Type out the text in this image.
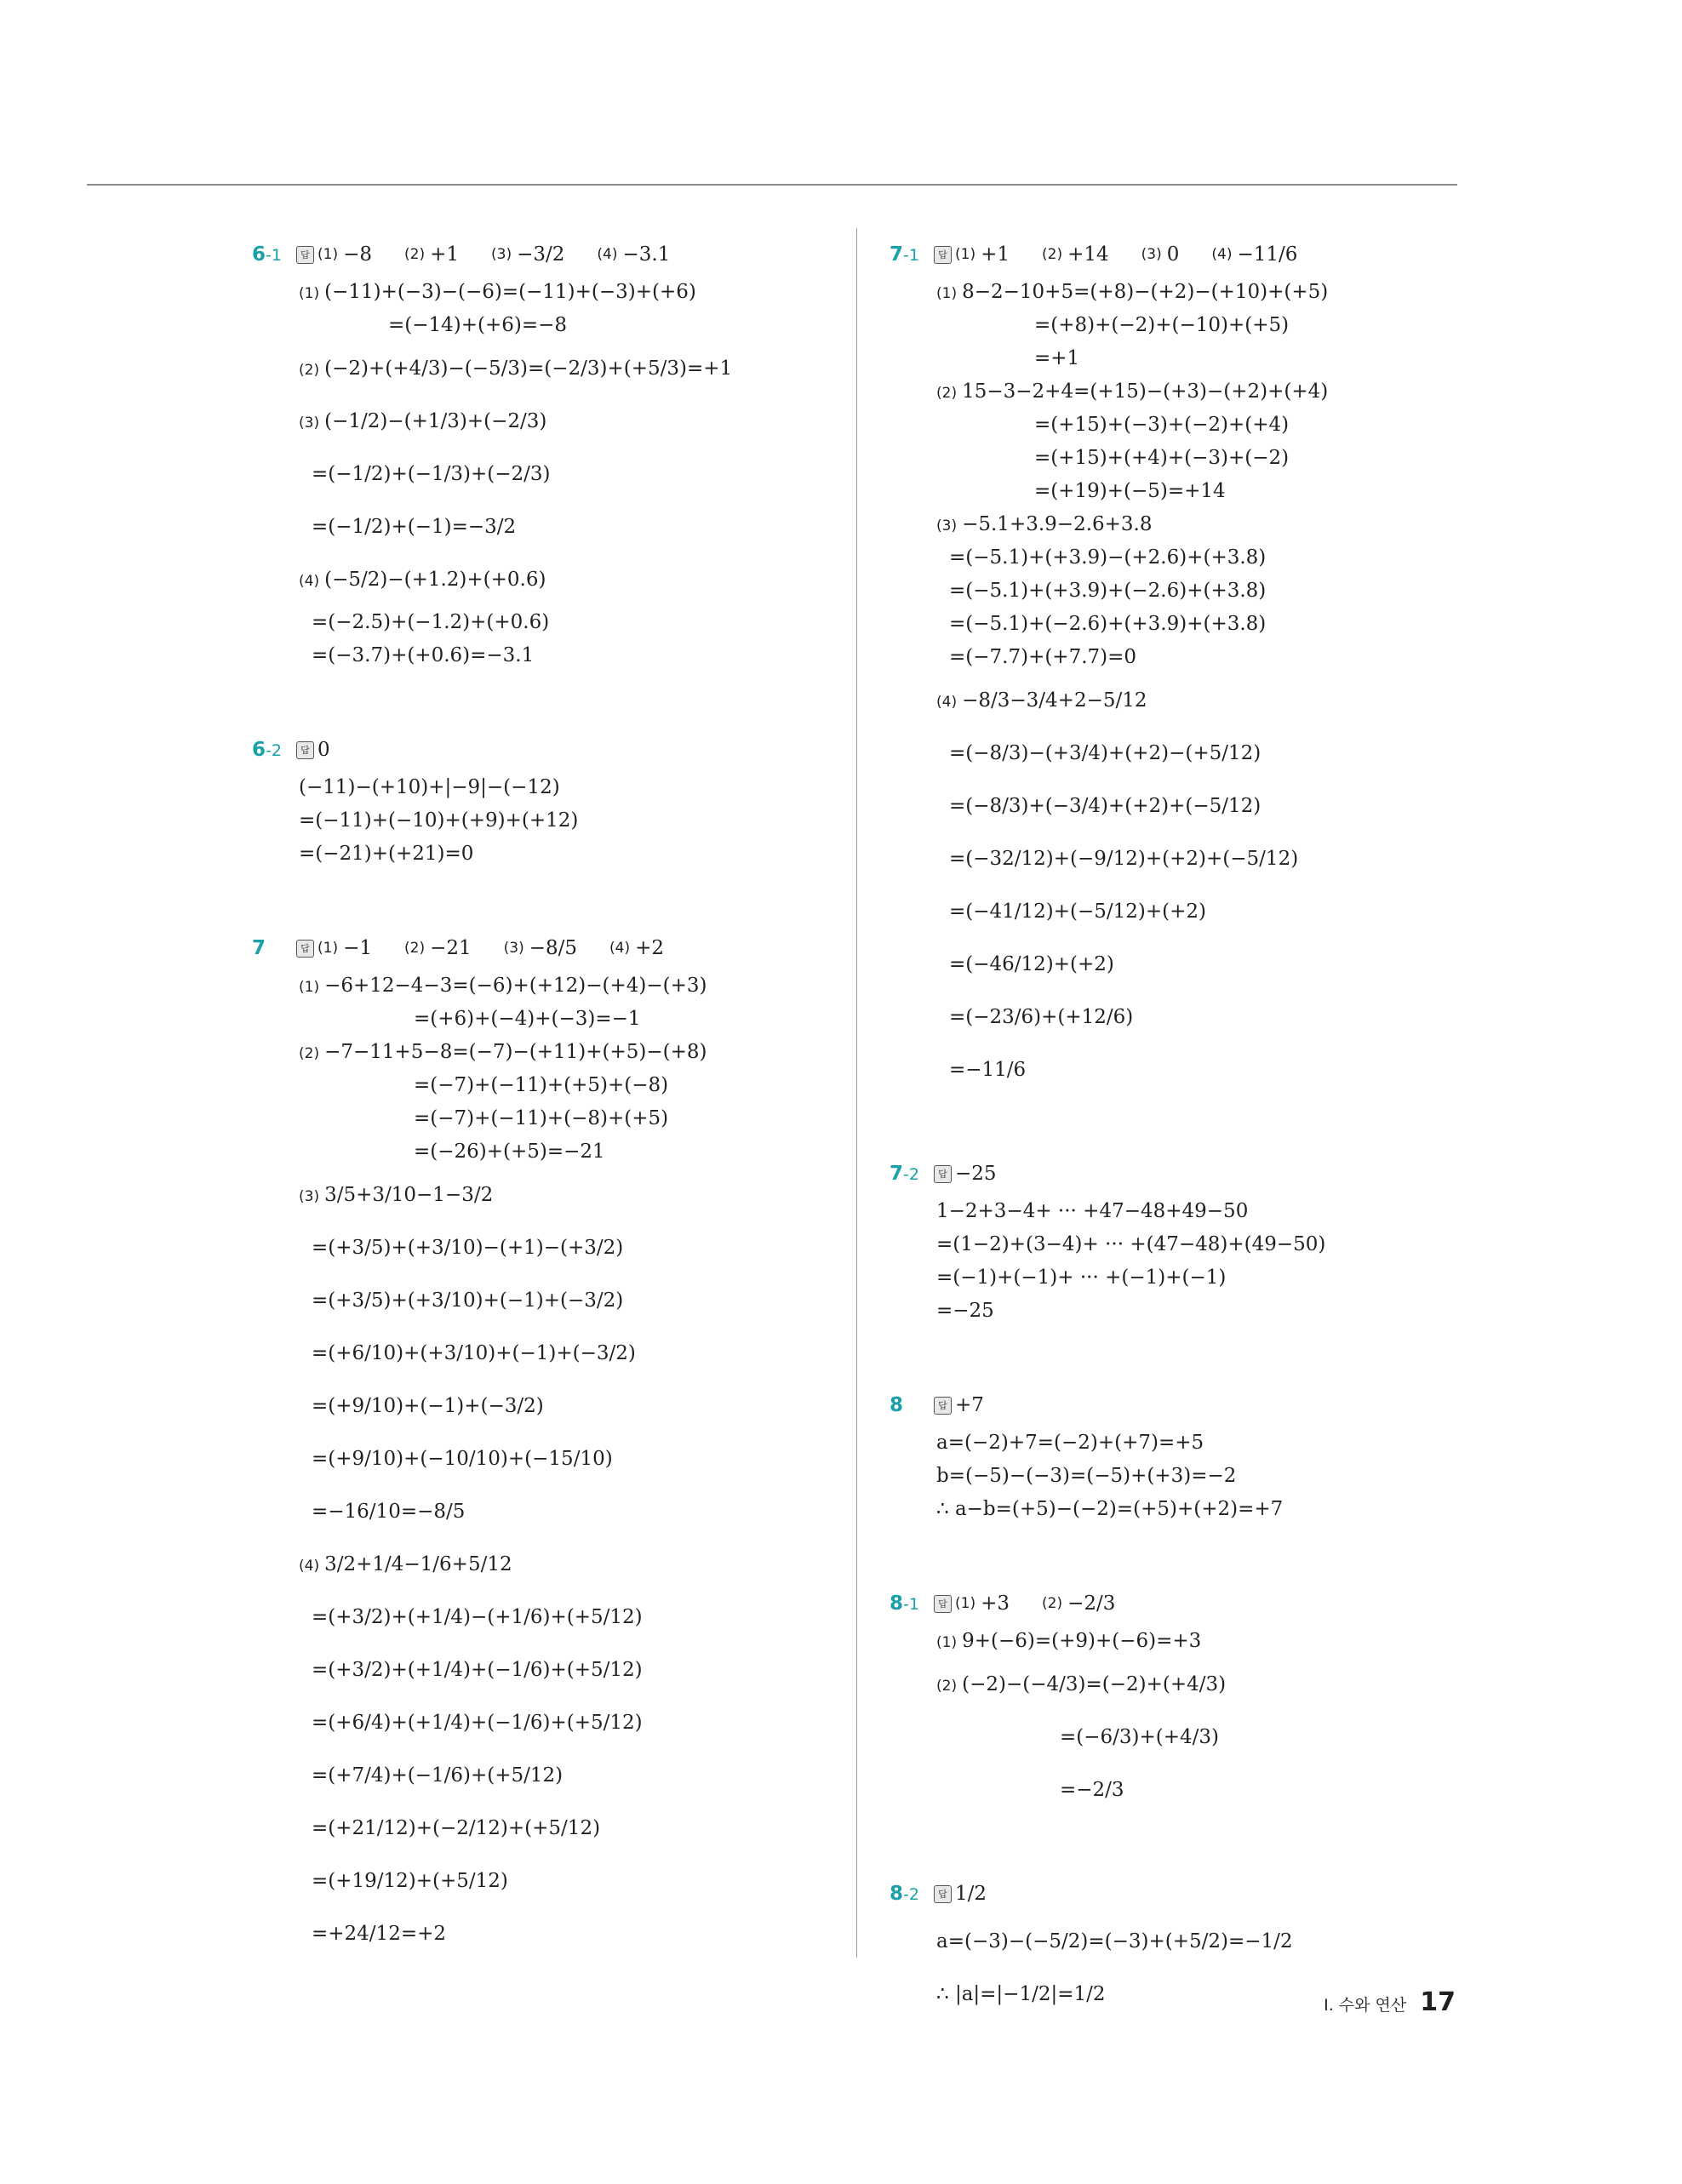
6-1	답 (1) −8 (2) +1 (3) −3/2 (4) −3.1
(1) (−11)+(−3)−(−6)=(−11)+(−3)+(+6)
=(−14)+(+6)=−8
(2) (−2)+(+4/3)−(−5/3)=(−2/3)+(+5/3)=+1
(3) (−1/2)−(+1/3)+(−2/3)
=(−1/2)+(−1/3)+(−2/3)
=(−1/2)+(−1)=−3/2
(4) (−5/2)−(+1.2)+(+0.6)
=(−2.5)+(−1.2)+(+0.6)
=(−3.7)+(+0.6)=−3.1
6-2	답 0
(−11)−(+10)+|−9|−(−12)
=(−11)+(−10)+(+9)+(+12)
=(−21)+(+21)=0
7	답 (1) −1 (2) −21 (3) −8/5 (4) +2
(1) −6+12−4−3=(−6)+(+12)−(+4)−(+3)
=(+6)+(−4)+(−3)=−1
(2) −7−11+5−8=(−7)−(+11)+(+5)−(+8)
=(−7)+(−11)+(+5)+(−8)
=(−7)+(−11)+(−8)+(+5)
=(−26)+(+5)=−21
(3) 3/5+3/10−1−3/2
=(+3/5)+(+3/10)−(+1)−(+3/2)
=(+3/5)+(+3/10)+(−1)+(−3/2)
=(+6/10)+(+3/10)+(−1)+(−3/2)
=(+9/10)+(−1)+(−3/2)
=(+9/10)+(−10/10)+(−15/10)
=−16/10=−8/5
(4) 3/2+1/4−1/6+5/12
=(+3/2)+(+1/4)−(+1/6)+(+5/12)
=(+3/2)+(+1/4)+(−1/6)+(+5/12)
=(+6/4)+(+1/4)+(−1/6)+(+5/12)
=(+7/4)+(−1/6)+(+5/12)
=(+21/12)+(−2/12)+(+5/12)
=(+19/12)+(+5/12)
=+24/12=+2
7-1	답 (1) +1 (2) +14 (3) 0 (4) −11/6
(1) 8−2−10+5=(+8)−(+2)−(+10)+(+5)
=(+8)+(−2)+(−10)+(+5)
=+1
(2) 15−3−2+4=(+15)−(+3)−(+2)+(+4)
=(+15)+(−3)+(−2)+(+4)
=(+15)+(+4)+(−3)+(−2)
=(+19)+(−5)=+14
(3) −5.1+3.9−2.6+3.8
=(−5.1)+(+3.9)−(+2.6)+(+3.8)
=(−5.1)+(+3.9)+(−2.6)+(+3.8)
=(−5.1)+(−2.6)+(+3.9)+(+3.8)
=(−7.7)+(+7.7)=0
(4) −8/3−3/4+2−5/12
=(−8/3)−(+3/4)+(+2)−(+5/12)
=(−8/3)+(−3/4)+(+2)+(−5/12)
=(−32/12)+(−9/12)+(+2)+(−5/12)
=(−41/12)+(−5/12)+(+2)
=(−46/12)+(+2)
=(−23/6)+(+12/6)
=−11/6
7-2	답 −25
1−2+3−4+ ··· +47−48+49−50
=(1−2)+(3−4)+ ··· +(47−48)+(49−50)
=(−1)+(−1)+ ··· +(−1)+(−1)
=−25
8	답 +7
a=(−2)+7=(−2)+(+7)=+5
b=(−5)−(−3)=(−5)+(+3)=−2
∴ a−b=(+5)−(−2)=(+5)+(+2)=+7
8-1	답 (1) +3 (2) −2/3
(1) 9+(−6)=(+9)+(−6)=+3
(2) (−2)−(−4/3)=(−2)+(+4/3)
=(−6/3)+(+4/3)
=−2/3
8-2	답 1/2
a=(−3)−(−5/2)=(−3)+(+5/2)=−1/2
∴ |a|=|−1/2|=1/2	I. 수와 연산 17
